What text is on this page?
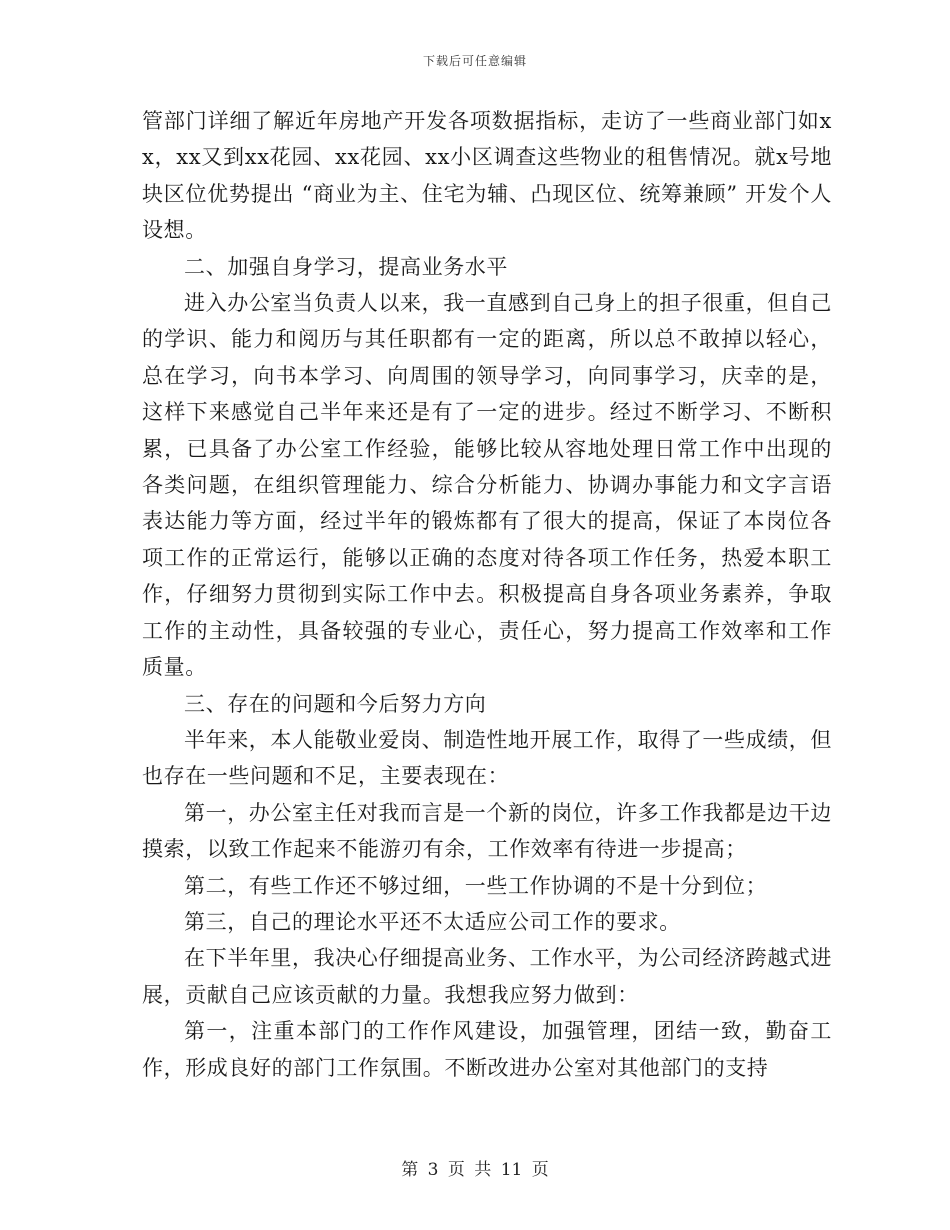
下载后可任意编辑

管部门详细了解近年房地产开发各项数据指标，走访了一些商业部门如xx，xx又到xx花园、xx花园、xx小区调查这些物业的租售情况。就x号地块区位优势提出 “商业为主、住宅为辅、凸现区位、统筹兼顾” 开发个人设想。

二、加强自身学习，提高业务水平

进入办公室当负责人以来，我一直感到自己身上的担子很重，但自己的学识、能力和阅历与其任职都有一定的距离，所以总不敢掉以轻心，总在学习，向书本学习、向周围的领导学习，向同事学习，庆幸的是，这样下来感觉自己半年来还是有了一定的进步。经过不断学习、不断积累，已具备了办公室工作经验，能够比较从容地处理日常工作中出现的各类问题，在组织管理能力、综合分析能力、协调办事能力和文字言语表达能力等方面，经过半年的锻炼都有了很大的提高，保证了本岗位各项工作的正常运行，能够以正确的态度对待各项工作任务，热爱本职工作，仔细努力贯彻到实际工作中去。积极提高自身各项业务素养，争取工作的主动性，具备较强的专业心，责任心，努力提高工作效率和工作质量。

三、存在的问题和今后努力方向

半年来，本人能敬业爱岗、制造性地开展工作，取得了一些成绩，但也存在一些问题和不足，主要表现在：

第一，办公室主任对我而言是一个新的岗位，许多工作我都是边干边摸索，以致工作起来不能游刃有余，工作效率有待进一步提高；

第二，有些工作还不够过细，一些工作协调的不是十分到位；

第三，自己的理论水平还不太适应公司工作的要求。

在下半年里，我决心仔细提高业务、工作水平，为公司经济跨越式进展，贡献自己应该贡献的力量。我想我应努力做到：

第一，注重本部门的工作作风建设，加强管理，团结一致，勤奋工作，形成良好的部门工作氛围。不断改进办公室对其他部门的支持

第 3 页 共 11 页
